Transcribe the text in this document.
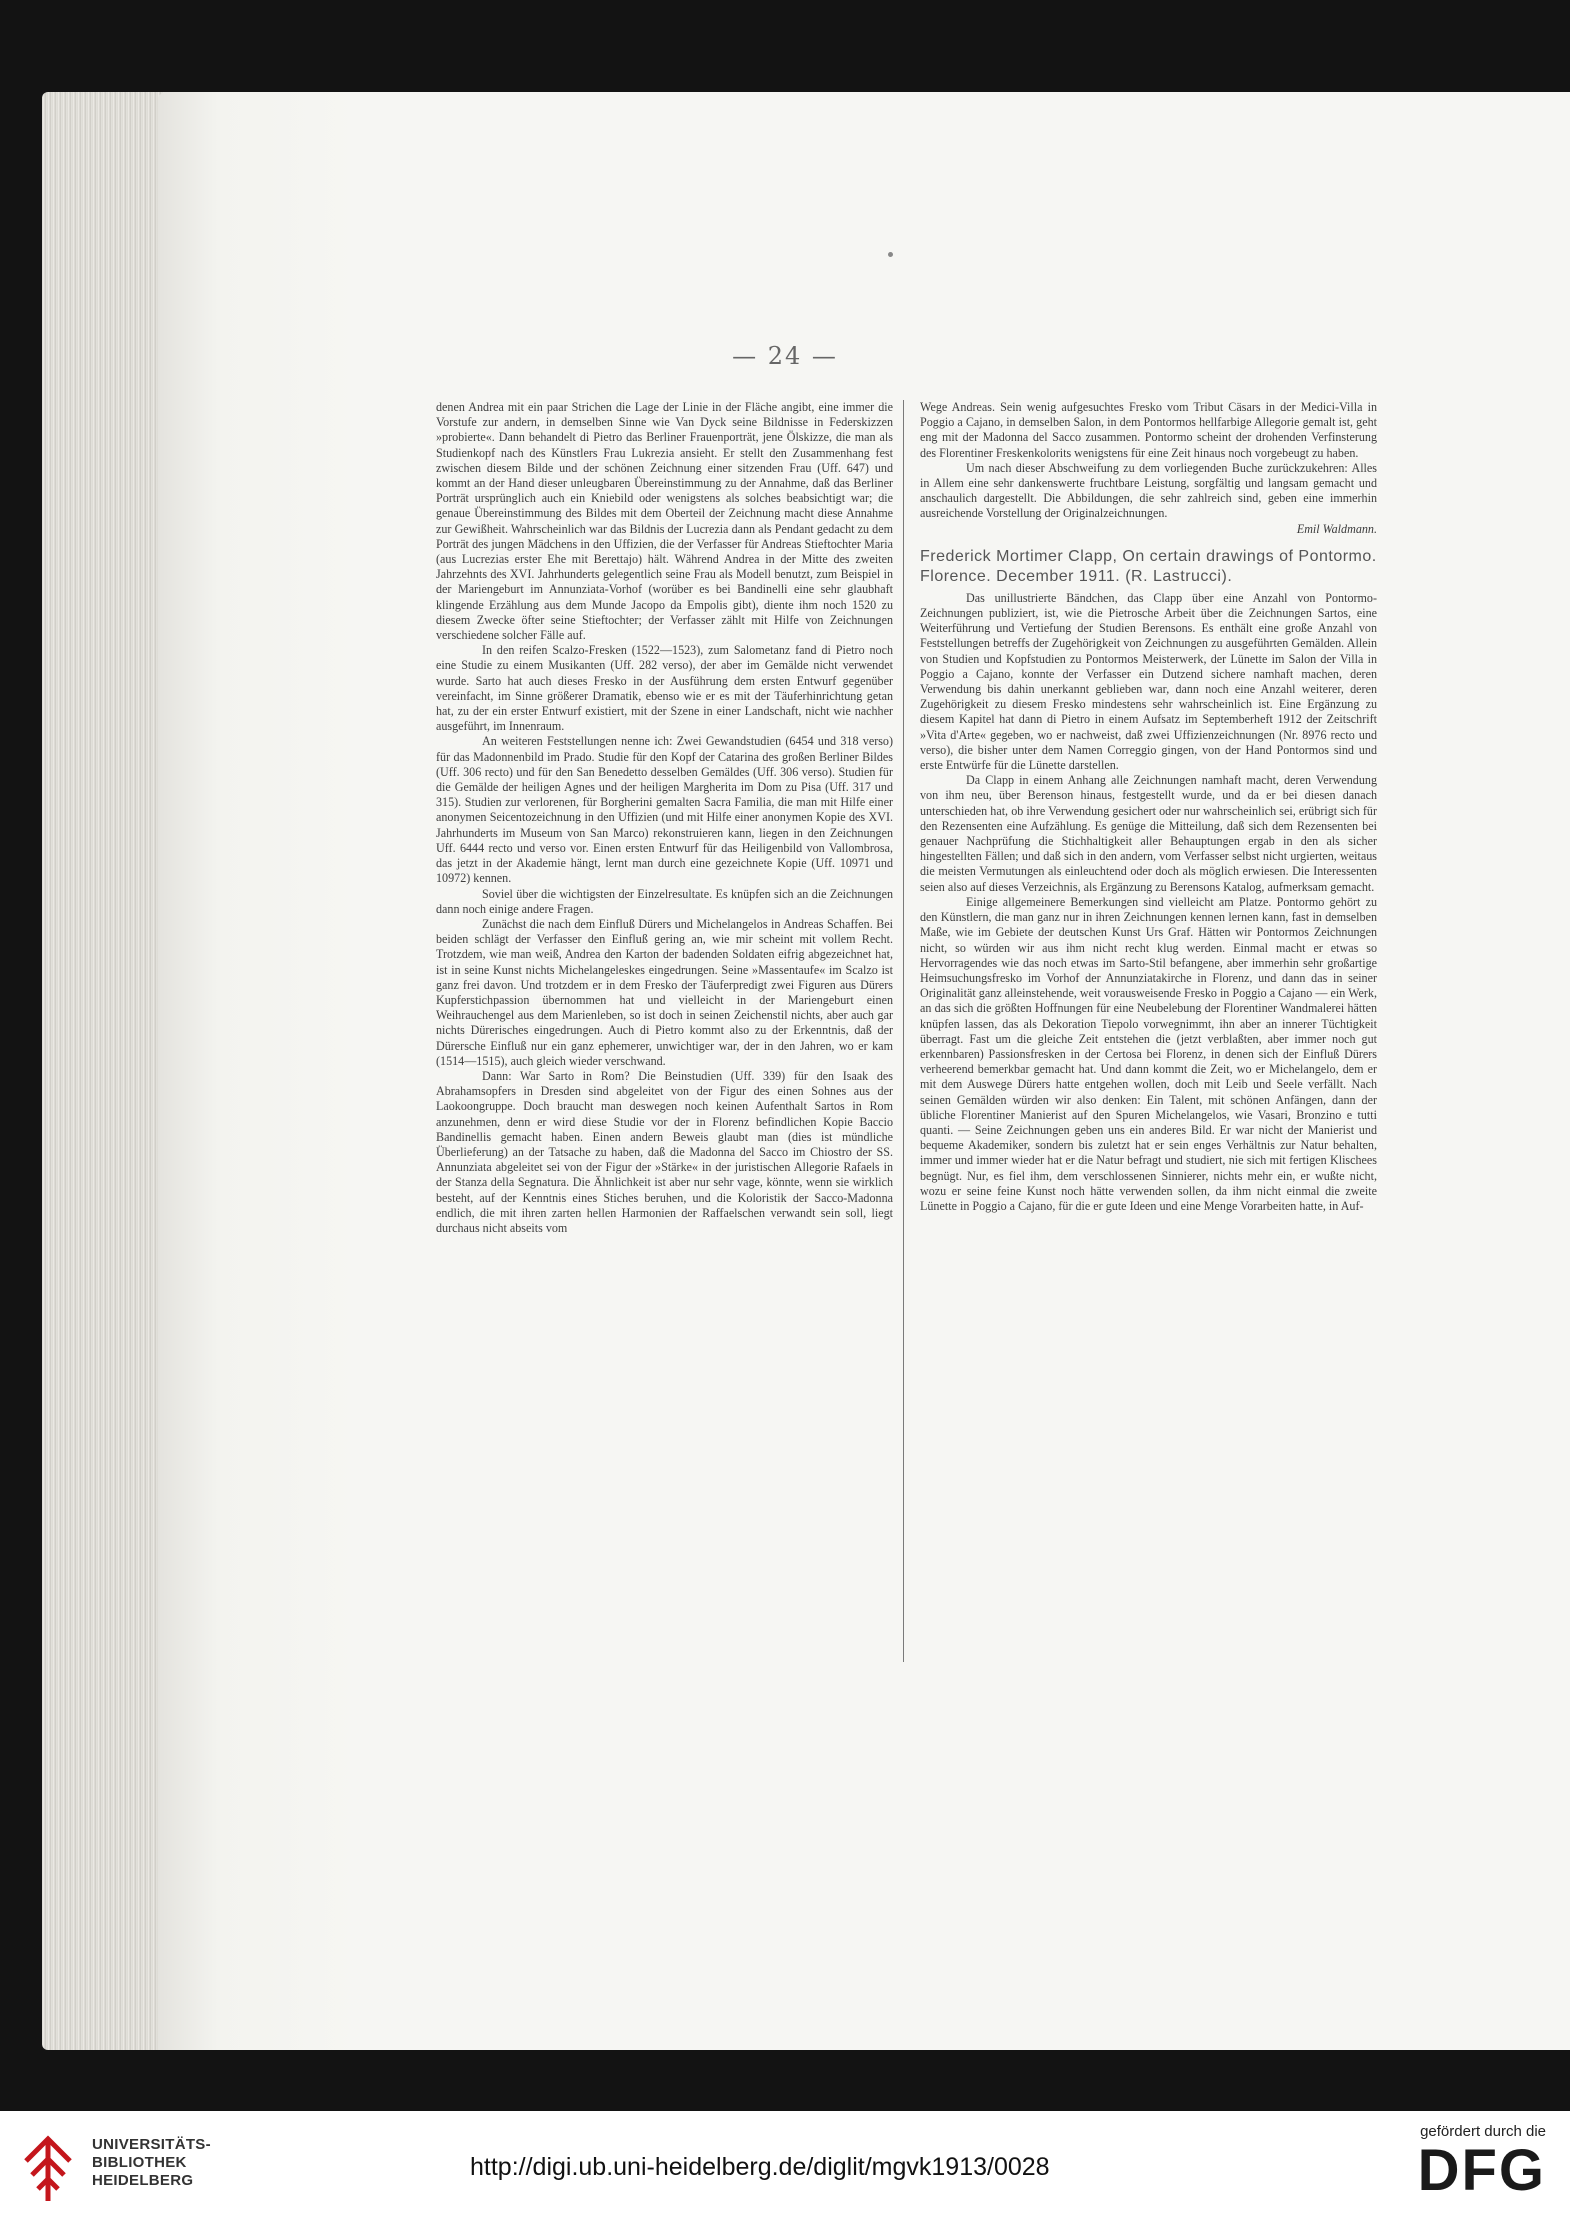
— 24 —

denen Andrea mit ein paar Strichen die Lage der Linie in der Fläche angibt, eine immer die Vorstufe zur andern, in demselben Sinne wie Van Dyck seine Bildnisse in Federskizzen »probierte«. Dann behandelt di Pietro das Berliner Frauenporträt, jene Ölskizze, die man als Studienkopf nach des Künstlers Frau Lukrezia ansieht. Er stellt den Zusammenhang fest zwischen diesem Bilde und der schönen Zeichnung einer sitzenden Frau (Uff. 647) und kommt an der Hand dieser unleugbaren Übereinstimmung zu der Annahme, daß das Berliner Porträt ursprünglich auch ein Kniebild oder wenigstens als solches beabsichtigt war; die genaue Übereinstimmung des Bildes mit dem Oberteil der Zeichnung macht diese Annahme zur Gewißheit. Wahrscheinlich war das Bildnis der Lucrezia dann als Pendant gedacht zu dem Porträt des jungen Mädchens in den Uffizien, die der Verfasser für Andreas Stieftochter Maria (aus Lucrezias erster Ehe mit Berettajo) hält. Während Andrea in der Mitte des zweiten Jahrzehnts des XVI. Jahrhunderts gelegentlich seine Frau als Modell benutzt, zum Beispiel in der Mariengeburt im Annunziata-Vorhof (worüber es bei Bandinelli eine sehr glaubhaft klingende Erzählung aus dem Munde Jacopo da Empolis gibt), diente ihm noch 1520 zu diesem Zwecke öfter seine Stieftochter; der Verfasser zählt mit Hilfe von Zeichnungen verschiedene solcher Fälle auf.

In den reifen Scalzo-Fresken (1522—1523), zum Salometanz fand di Pietro noch eine Studie zu einem Musikanten (Uff. 282 verso), der aber im Gemälde nicht verwendet wurde. Sarto hat auch dieses Fresko in der Ausführung dem ersten Entwurf gegenüber vereinfacht, im Sinne größerer Dramatik, ebenso wie er es mit der Täuferhinrichtung getan hat, zu der ein erster Entwurf existiert, mit der Szene in einer Landschaft, nicht wie nachher ausgeführt, im Innenraum.

An weiteren Feststellungen nenne ich: Zwei Gewandstudien (6454 und 318 verso) für das Madonnenbild im Prado. Studie für den Kopf der Catarina des großen Berliner Bildes (Uff. 306 recto) und für den San Benedetto desselben Gemäldes (Uff. 306 verso). Studien für die Gemälde der heiligen Agnes und der heiligen Margherita im Dom zu Pisa (Uff. 317 und 315). Studien zur verlorenen, für Borgherini gemalten Sacra Familia, die man mit Hilfe einer anonymen Seicentozeichnung in den Uffizien (und mit Hilfe einer anonymen Kopie des XVI. Jahrhunderts im Museum von San Marco) rekonstruieren kann, liegen in den Zeichnungen Uff. 6444 recto und verso vor. Einen ersten Entwurf für das Heiligenbild von Vallombrosa, das jetzt in der Akademie hängt, lernt man durch eine gezeichnete Kopie (Uff. 10971 und 10972) kennen.

Soviel über die wichtigsten der Einzelresultate. Es knüpfen sich an die Zeichnungen dann noch einige andere Fragen.

Zunächst die nach dem Einfluß Dürers und Michelangelos in Andreas Schaffen. Bei beiden schlägt der Verfasser den Einfluß gering an, wie mir scheint mit vollem Recht. Trotzdem, wie man weiß, Andrea den Karton der badenden Soldaten eifrig abgezeichnet hat, ist in seine Kunst nichts Michelangeleskes eingedrungen. Seine »Massentaufe« im Scalzo ist ganz frei davon. Und trotzdem er in dem Fresko der Täuferpredigt zwei Figuren aus Dürers Kupferstichpassion übernommen hat und vielleicht in der Mariengeburt einen Weihrauchengel aus dem Marienleben, so ist doch in seinen Zeichenstil nichts, aber auch gar nichts Dürerisches eingedrungen. Auch di Pietro kommt also zu der Erkenntnis, daß der Dürersche Einfluß nur ein ganz ephemerer, unwichtiger war, der in den Jahren, wo er kam (1514—1515), auch gleich wieder verschwand.

Dann: War Sarto in Rom? Die Beinstudien (Uff. 339) für den Isaak des Abrahamsopfers in Dresden sind abgeleitet von der Figur des einen Sohnes aus der Laokoongruppe. Doch braucht man deswegen noch keinen Aufenthalt Sartos in Rom anzunehmen, denn er wird diese Studie vor der in Florenz befindlichen Kopie Baccio Bandinellis gemacht haben. Einen andern Beweis glaubt man (dies ist mündliche Überlieferung) an der Tatsache zu haben, daß die Madonna del Sacco im Chiostro der SS. Annunziata abgeleitet sei von der Figur der »Stärke« in der juristischen Allegorie Rafaels in der Stanza della Segnatura. Die Ähnlichkeit ist aber nur sehr vage, könnte, wenn sie wirklich besteht, auf der Kenntnis eines Stiches beruhen, und die Koloristik der Sacco-Madonna endlich, die mit ihren zarten hellen Harmonien der Raffaelschen verwandt sein soll, liegt durchaus nicht abseits vom

Wege Andreas. Sein wenig aufgesuchtes Fresko vom Tribut Cäsars in der Medici-Villa in Poggio a Cajano, in demselben Salon, in dem Pontormos hellfarbige Allegorie gemalt ist, geht eng mit der Madonna del Sacco zusammen. Pontormo scheint der drohenden Verfinsterung des Florentiner Freskenkolorits wenigstens für eine Zeit hinaus noch vorgebeugt zu haben.

Um nach dieser Abschweifung zu dem vorliegenden Buche zurückzukehren: Alles in Allem eine sehr dankenswerte fruchtbare Leistung, sorgfältig und langsam gemacht und anschaulich dargestellt. Die Abbildungen, die sehr zahlreich sind, geben eine immerhin ausreichende Vorstellung der Originalzeichnungen.

Emil Waldmann.

Frederick Mortimer Clapp, On certain drawings of Pontormo. Florence. December 1911. (R. Lastrucci).

Das unillustrierte Bändchen, das Clapp über eine Anzahl von Pontormo-Zeichnungen publiziert, ist, wie die Pietrosche Arbeit über die Zeichnungen Sartos, eine Weiterführung und Vertiefung der Studien Berensons. Es enthält eine große Anzahl von Feststellungen betreffs der Zugehörigkeit von Zeichnungen zu ausgeführten Gemälden. Allein von Studien und Kopfstudien zu Pontormos Meisterwerk, der Lünette im Salon der Villa in Poggio a Cajano, konnte der Verfasser ein Dutzend sichere namhaft machen, deren Verwendung bis dahin unerkannt geblieben war, dann noch eine Anzahl weiterer, deren Zugehörigkeit zu diesem Fresko mindestens sehr wahrscheinlich ist. Eine Ergänzung zu diesem Kapitel hat dann di Pietro in einem Aufsatz im Septemberheft 1912 der Zeitschrift »Vita d'Arte« gegeben, wo er nachweist, daß zwei Uffizienzeichnungen (Nr. 8976 recto und verso), die bisher unter dem Namen Correggio gingen, von der Hand Pontormos sind und erste Entwürfe für die Lünette darstellen.

Da Clapp in einem Anhang alle Zeichnungen namhaft macht, deren Verwendung von ihm neu, über Berenson hinaus, festgestellt wurde, und da er bei diesen danach unterschieden hat, ob ihre Verwendung gesichert oder nur wahrscheinlich sei, erübrigt sich für den Rezensenten eine Aufzählung. Es genüge die Mitteilung, daß sich dem Rezensenten bei genauer Nachprüfung die Stichhaltigkeit aller Behauptungen ergab in den als sicher hingestellten Fällen; und daß sich in den andern, vom Verfasser selbst nicht urgierten, weitaus die meisten Vermutungen als einleuchtend oder doch als möglich erwiesen. Die Interessenten seien also auf dieses Verzeichnis, als Ergänzung zu Berensons Katalog, aufmerksam gemacht.

Einige allgemeinere Bemerkungen sind vielleicht am Platze. Pontormo gehört zu den Künstlern, die man ganz nur in ihren Zeichnungen kennen lernen kann, fast in demselben Maße, wie im Gebiete der deutschen Kunst Urs Graf. Hätten wir Pontormos Zeichnungen nicht, so würden wir aus ihm nicht recht klug werden. Einmal macht er etwas so Hervorragendes wie das noch etwas im Sarto-Stil befangene, aber immerhin sehr großartige Heimsuchungsfresko im Vorhof der Annunziatakirche in Florenz, und dann das in seiner Originalität ganz alleinstehende, weit vorausweisende Fresko in Poggio a Cajano — ein Werk, an das sich die größten Hoffnungen für eine Neubelebung der Florentiner Wandmalerei hätten knüpfen lassen, das als Dekoration Tiepolo vorwegnimmt, ihn aber an innerer Tüchtigkeit überragt. Fast um die gleiche Zeit entstehen die (jetzt verblaßten, aber immer noch gut erkennbaren) Passionsfresken in der Certosa bei Florenz, in denen sich der Einfluß Dürers verheerend bemerkbar gemacht hat. Und dann kommt die Zeit, wo er Michelangelo, dem er mit dem Auswege Dürers hatte entgehen wollen, doch mit Leib und Seele verfällt. Nach seinen Gemälden würden wir also denken: Ein Talent, mit schönen Anfängen, dann der übliche Florentiner Manierist auf den Spuren Michelangelos, wie Vasari, Bronzino e tutti quanti. — Seine Zeichnungen geben uns ein anderes Bild. Er war nicht der Manierist und bequeme Akademiker, sondern bis zuletzt hat er sein enges Verhältnis zur Natur behalten, immer und immer wieder hat er die Natur befragt und studiert, nie sich mit fertigen Klischees begnügt. Nur, es fiel ihm, dem verschlossenen Sinnierer, nichts mehr ein, er wußte nicht, wozu er seine feine Kunst noch hätte verwenden sollen, da ihm nicht einmal die zweite Lünette in Poggio a Cajano, für die er gute Ideen und eine Menge Vorarbeiten hatte, in Auf-

UNIVERSITÄTS-
BIBLIOTHEK
HEIDELBERG	http://digi.ub.uni-heidelberg.de/diglit/mgvk1913/0028
gefördert durch die
DFG
